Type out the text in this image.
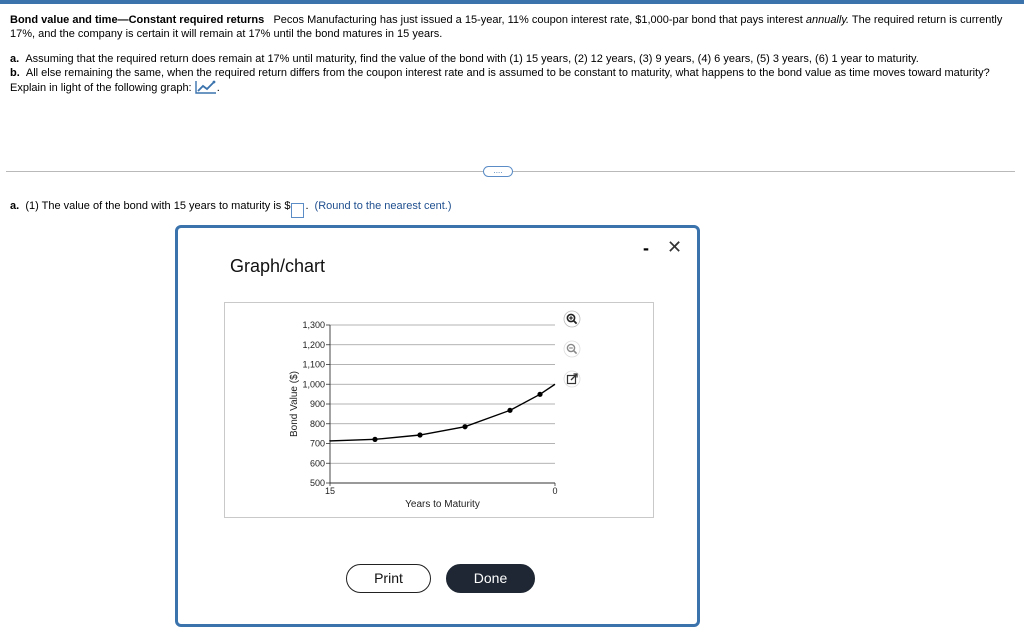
Bond value and time—Constant required returns Pecos Manufacturing has just issued a 15-year, 11% coupon interest rate, $1,000-par bond that pays interest annually. The required return is currently 17%, and the company is certain it will remain at 17% until the bond matures in 15 years.

a. Assuming that the required return does remain at 17% until maturity, find the value of the bond with (1) 15 years, (2) 12 years, (3) 9 years, (4) 6 years, (5) 3 years, (6) 1 year to maturity.

b. All else remaining the same, when the required return differs from the coupon interest rate and is assumed to be constant to maturity, what happens to the bond value as time moves toward maturity? Explain in light of the following graph: .

....
a. (1) The value of the bond with 15 years to maturity is $ . (Round to the nearest cent.)
Graph/chart
-	✕
500
600
700
800
900
1,000
1,100
1,200
1,300
15	0
Years to Maturity
Bond Value ($)
Print	Done
